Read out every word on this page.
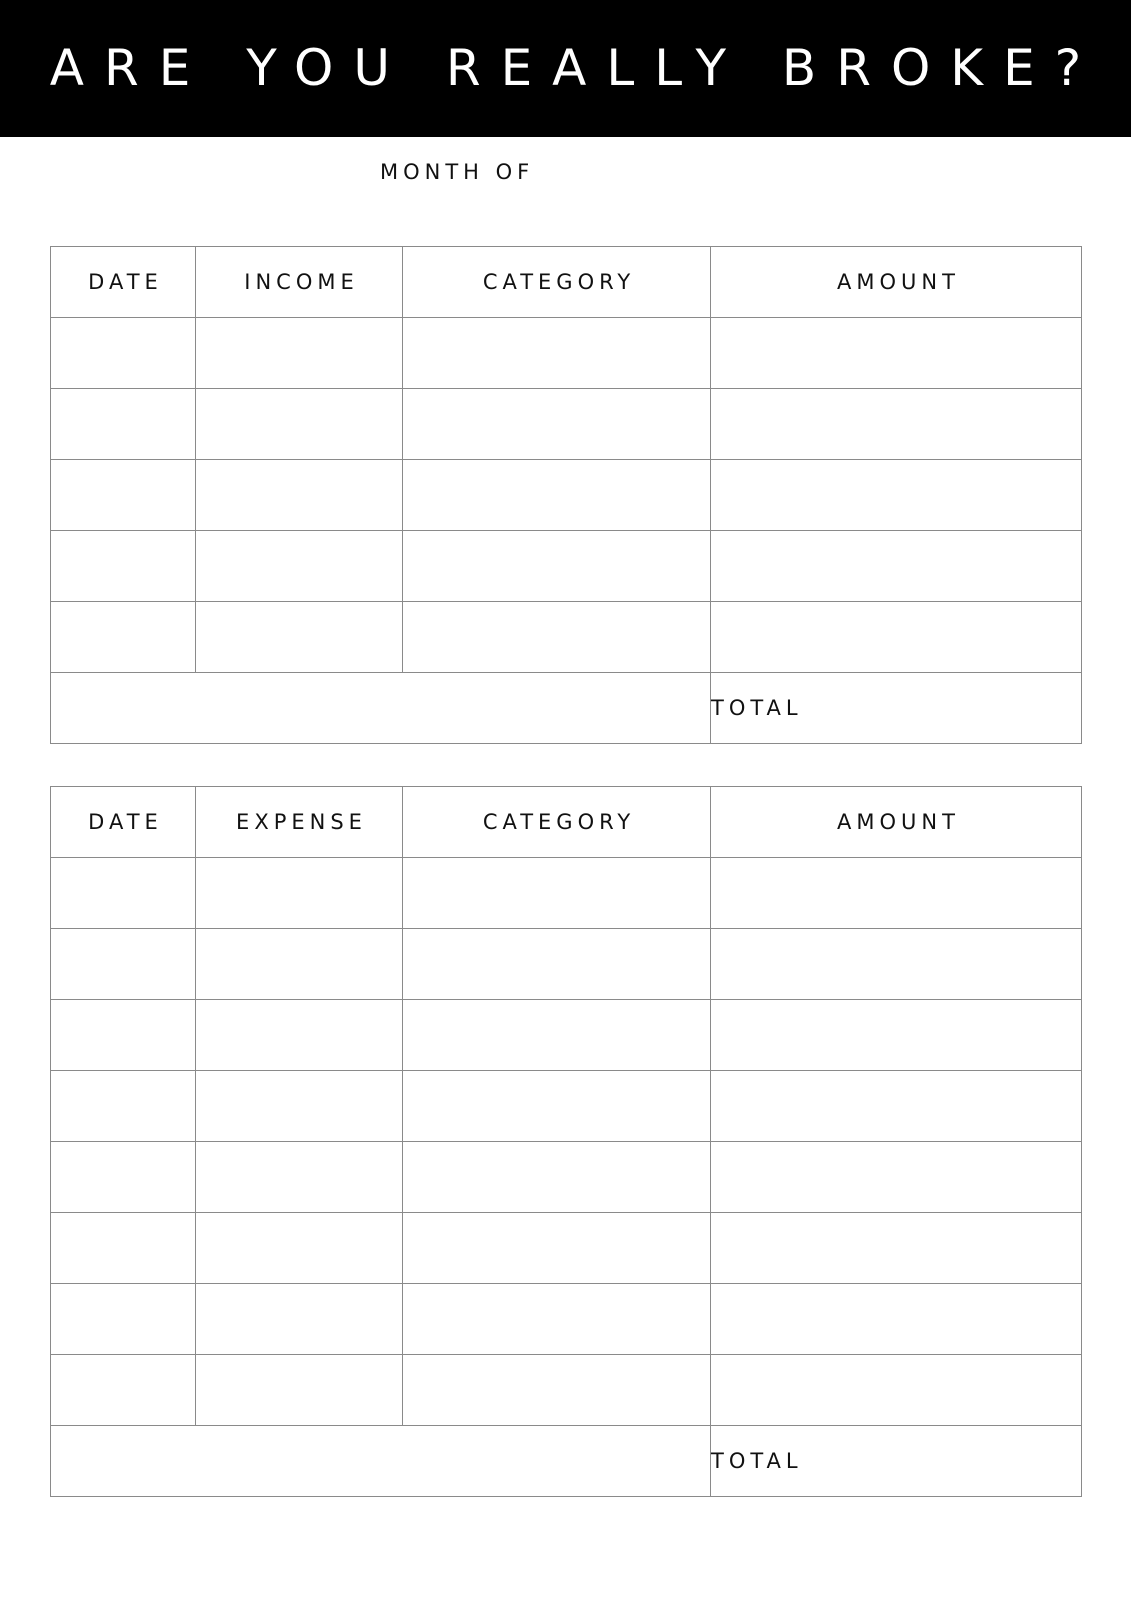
ARE YOU REALLY BROKE?
MONTH OF
DATE	INCOME	CATEGORY	AMOUNT

			TOTAL
DATE	EXPENSE	CATEGORY	AMOUNT

			TOTAL
